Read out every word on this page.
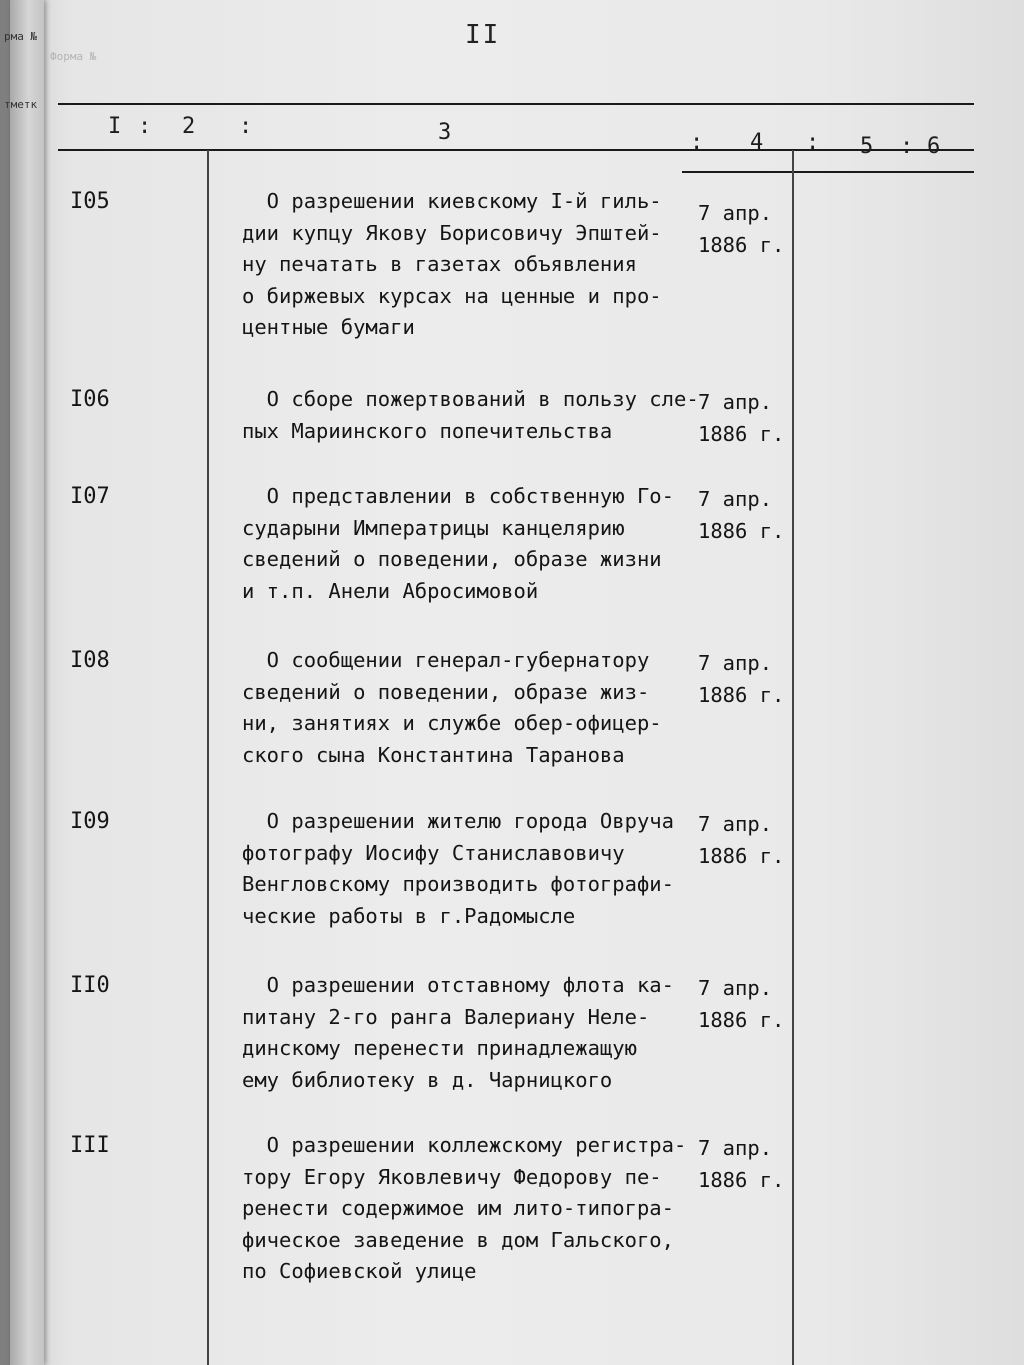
рма №
тметк
II
Форма №
I : 2 :	3	: 4 : 5 : 6
I05	О разрешении киевскому I-й гиль-
дии купцу Якову Борисовичу Эпштей-
ну печатать в газетах объявления
о биржевых курсах на ценные и про-
центные бумаги
7 апр.
1886 г.
I06	О сборе пожертвований в пользу сле-
пых Мариинского попечительства
7 апр.
1886 г.
I07	О представлении в собственную Го-
сударыни Императрицы канцелярию
сведений о поведении, образе жизни
и т.п. Анели Абросимовой
7 апр.
1886 г.
I08	О сообщении генерал-губернатору
сведений о поведении, образе жиз-
ни, занятиях и службе обер-офицер-
ского сына Константина Таранова
7 апр.
1886 г.
I09	О разрешении жителю города Овруча
фотографу Иосифу Станиславовичу
Венгловскому производить фотографи-
ческие работы в г.Радомысле
7 апр.
1886 г.
II0	О разрешении отставному флота ка-
питану 2-го ранга Валериану Неле-
динскому перенести принадлежащую
ему библиотеку в д. Чарницкого
7 апр.
1886 г.
III	О разрешении коллежскому регистра-
тору Егору Яковлевичу Федорову пе-
ренести содержимое им лито-типогра-
фическое заведение в дом Гальского,
по Софиевской улице
7 апр.
1886 г.
